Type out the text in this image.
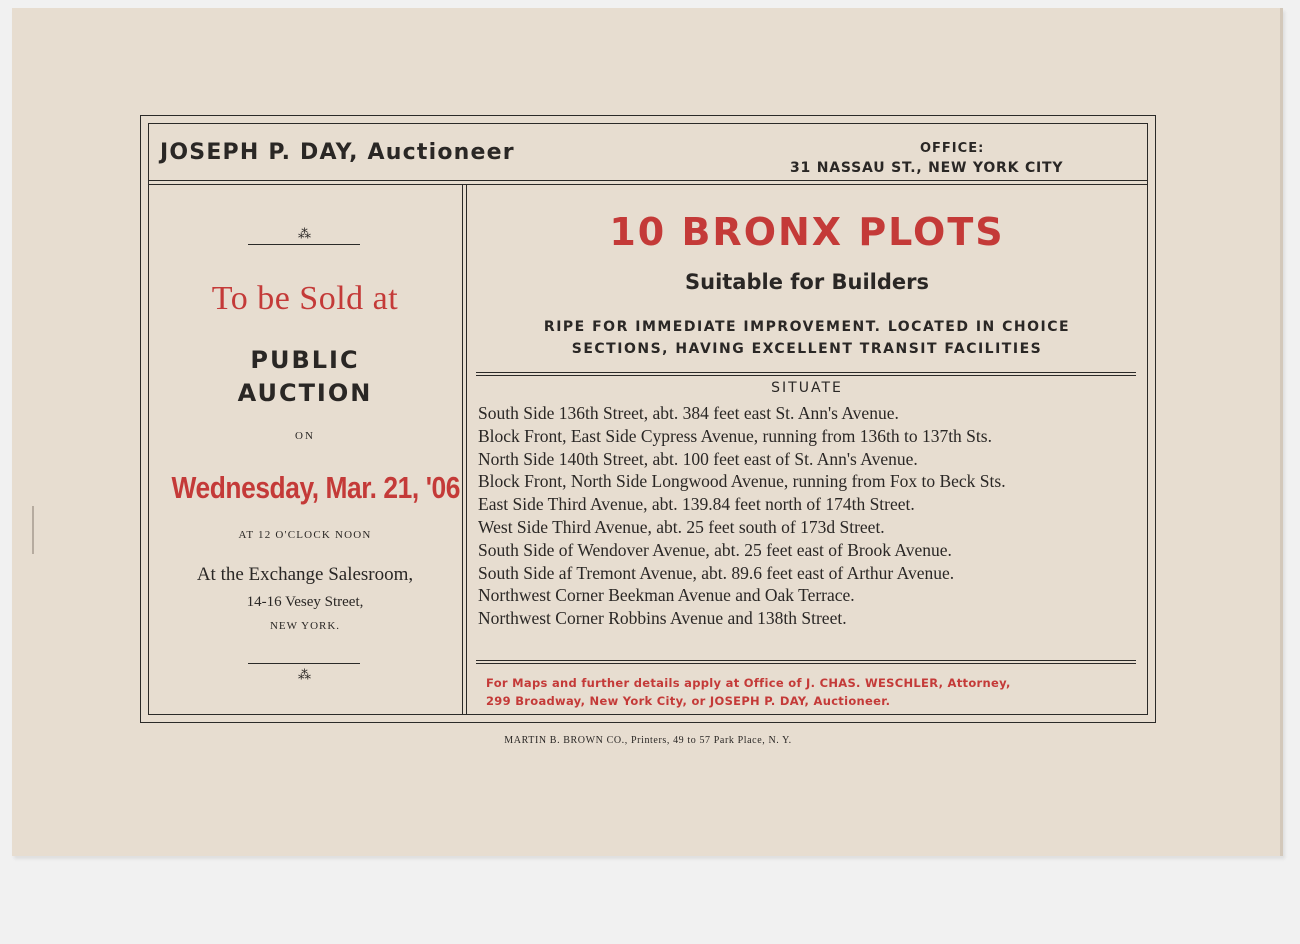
JOSEPH P. DAY, Auctioneer	OFFICE:
31 NASSAU ST., NEW YORK CITY
⁂
To be Sold at
PUBLIC
AUCTION
ON
Wednesday, Mar. 21, '06
AT 12 O'CLOCK NOON
At the Exchange Salesroom,
14-16 Vesey Street,
NEW YORK.
⁂
10 BRONX PLOTS
Suitable for Builders
RIPE FOR IMMEDIATE IMPROVEMENT. LOCATED IN CHOICE
SECTIONS, HAVING EXCELLENT TRANSIT FACILITIES
SITUATE
South Side 136th Street, abt. 384 feet east St. Ann's Avenue.
Block Front, East Side Cypress Avenue, running from 136th to 137th Sts.
North Side 140th Street, abt. 100 feet east of St. Ann's Avenue.
Block Front, North Side Longwood Avenue, running from Fox to Beck Sts.
East Side Third Avenue, abt. 139.84 feet north of 174th Street.
West Side Third Avenue, abt. 25 feet south of 173d Street.
South Side of Wendover Avenue, abt. 25 feet east of Brook Avenue.
South Side af Tremont Avenue, abt. 89.6 feet east of Arthur Avenue.
Northwest Corner Beekman Avenue and Oak Terrace.
Northwest Corner Robbins Avenue and 138th Street.
For Maps and further details apply at Office of J. CHAS. WESCHLER, Attorney,
299 Broadway, New York City, or JOSEPH P. DAY, Auctioneer.
MARTIN B. BROWN CO., Printers, 49 to 57 Park Place, N. Y.
